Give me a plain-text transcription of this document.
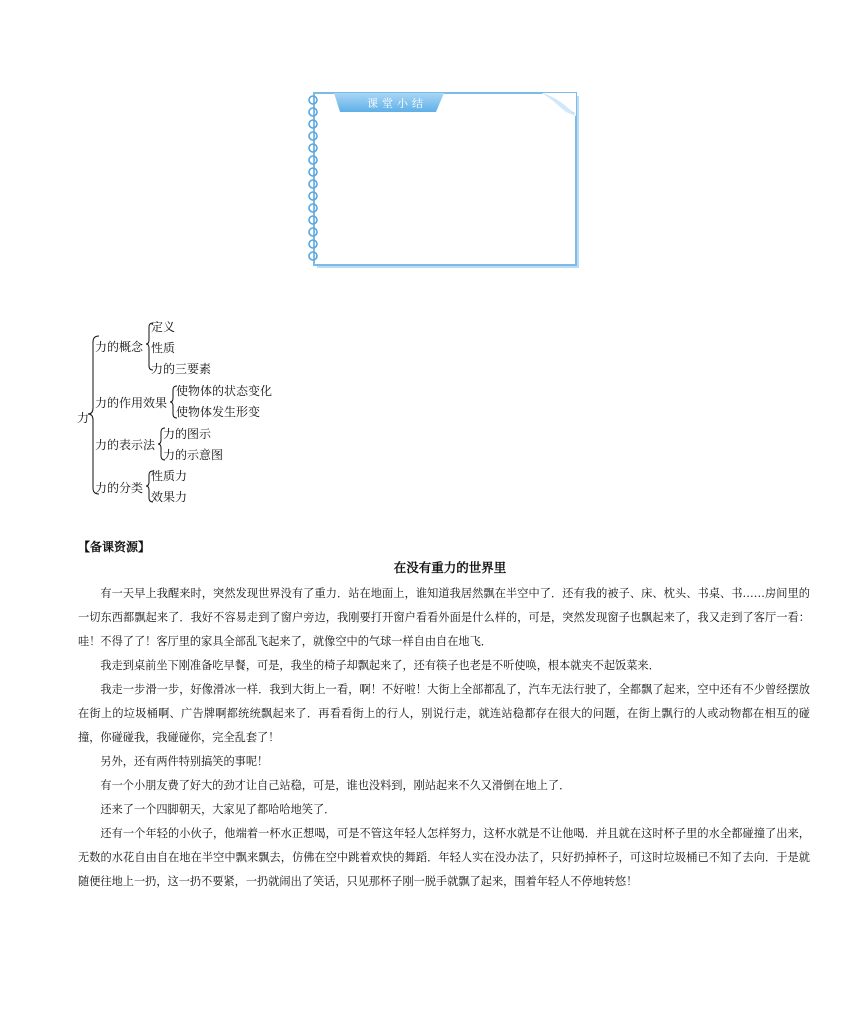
课堂小结
力
力的概念
定义
性质
力的三要素
力的作用效果
使物体的状态变化
使物体发生形变
力的表示法
力的图示
力的示意图
力的分类
性质力
效果力
【备课资源】
在没有重力的世界里

有一天早上我醒来时，突然发现世界没有了重力．站在地面上，谁知道我居然飘在半空中了．还有我的被子、床、枕头、书桌、书……房间里的一切东西都飘起来了．我好不容易走到了窗户旁边，我刚要打开窗户看看外面是什么样的，可是，突然发现窗子也飘起来了，我又走到了客厅一看：哇！不得了了！客厅里的家具全部乱飞起来了，就像空中的气球一样自由自在地飞．

我走到桌前坐下刚准备吃早餐，可是，我坐的椅子却飘起来了，还有筷子也老是不听使唤，根本就夹不起饭菜来．

我走一步滑一步，好像滑冰一样．我到大街上一看，啊！不好啦！大街上全部都乱了，汽车无法行驶了，全都飘了起来，空中还有不少曾经摆放在街上的垃圾桶啊、广告牌啊都统统飘起来了．再看看街上的行人，别说行走，就连站稳都存在很大的问题，在街上飘行的人或动物都在相互的碰撞，你碰碰我，我碰碰你，完全乱套了！

另外，还有两件特别搞笑的事呢！

有一个小朋友费了好大的劲才让自己站稳，可是，谁也没料到，刚站起来不久又滑倒在地上了．

还来了一个四脚朝天，大家见了都哈哈地笑了．

还有一个年轻的小伙子，他端着一杯水正想喝，可是不管这年轻人怎样努力，这杯水就是不让他喝．并且就在这时杯子里的水全都碰撞了出来，无数的水花自由自在地在半空中飘来飘去，仿佛在空中跳着欢快的舞蹈．年轻人实在没办法了，只好扔掉杯子，可这时垃圾桶已不知了去向．于是就随便往地上一扔，这一扔不要紧，一扔就闹出了笑话，只见那杯子刚一脱手就飘了起来，围着年轻人不停地转悠！
